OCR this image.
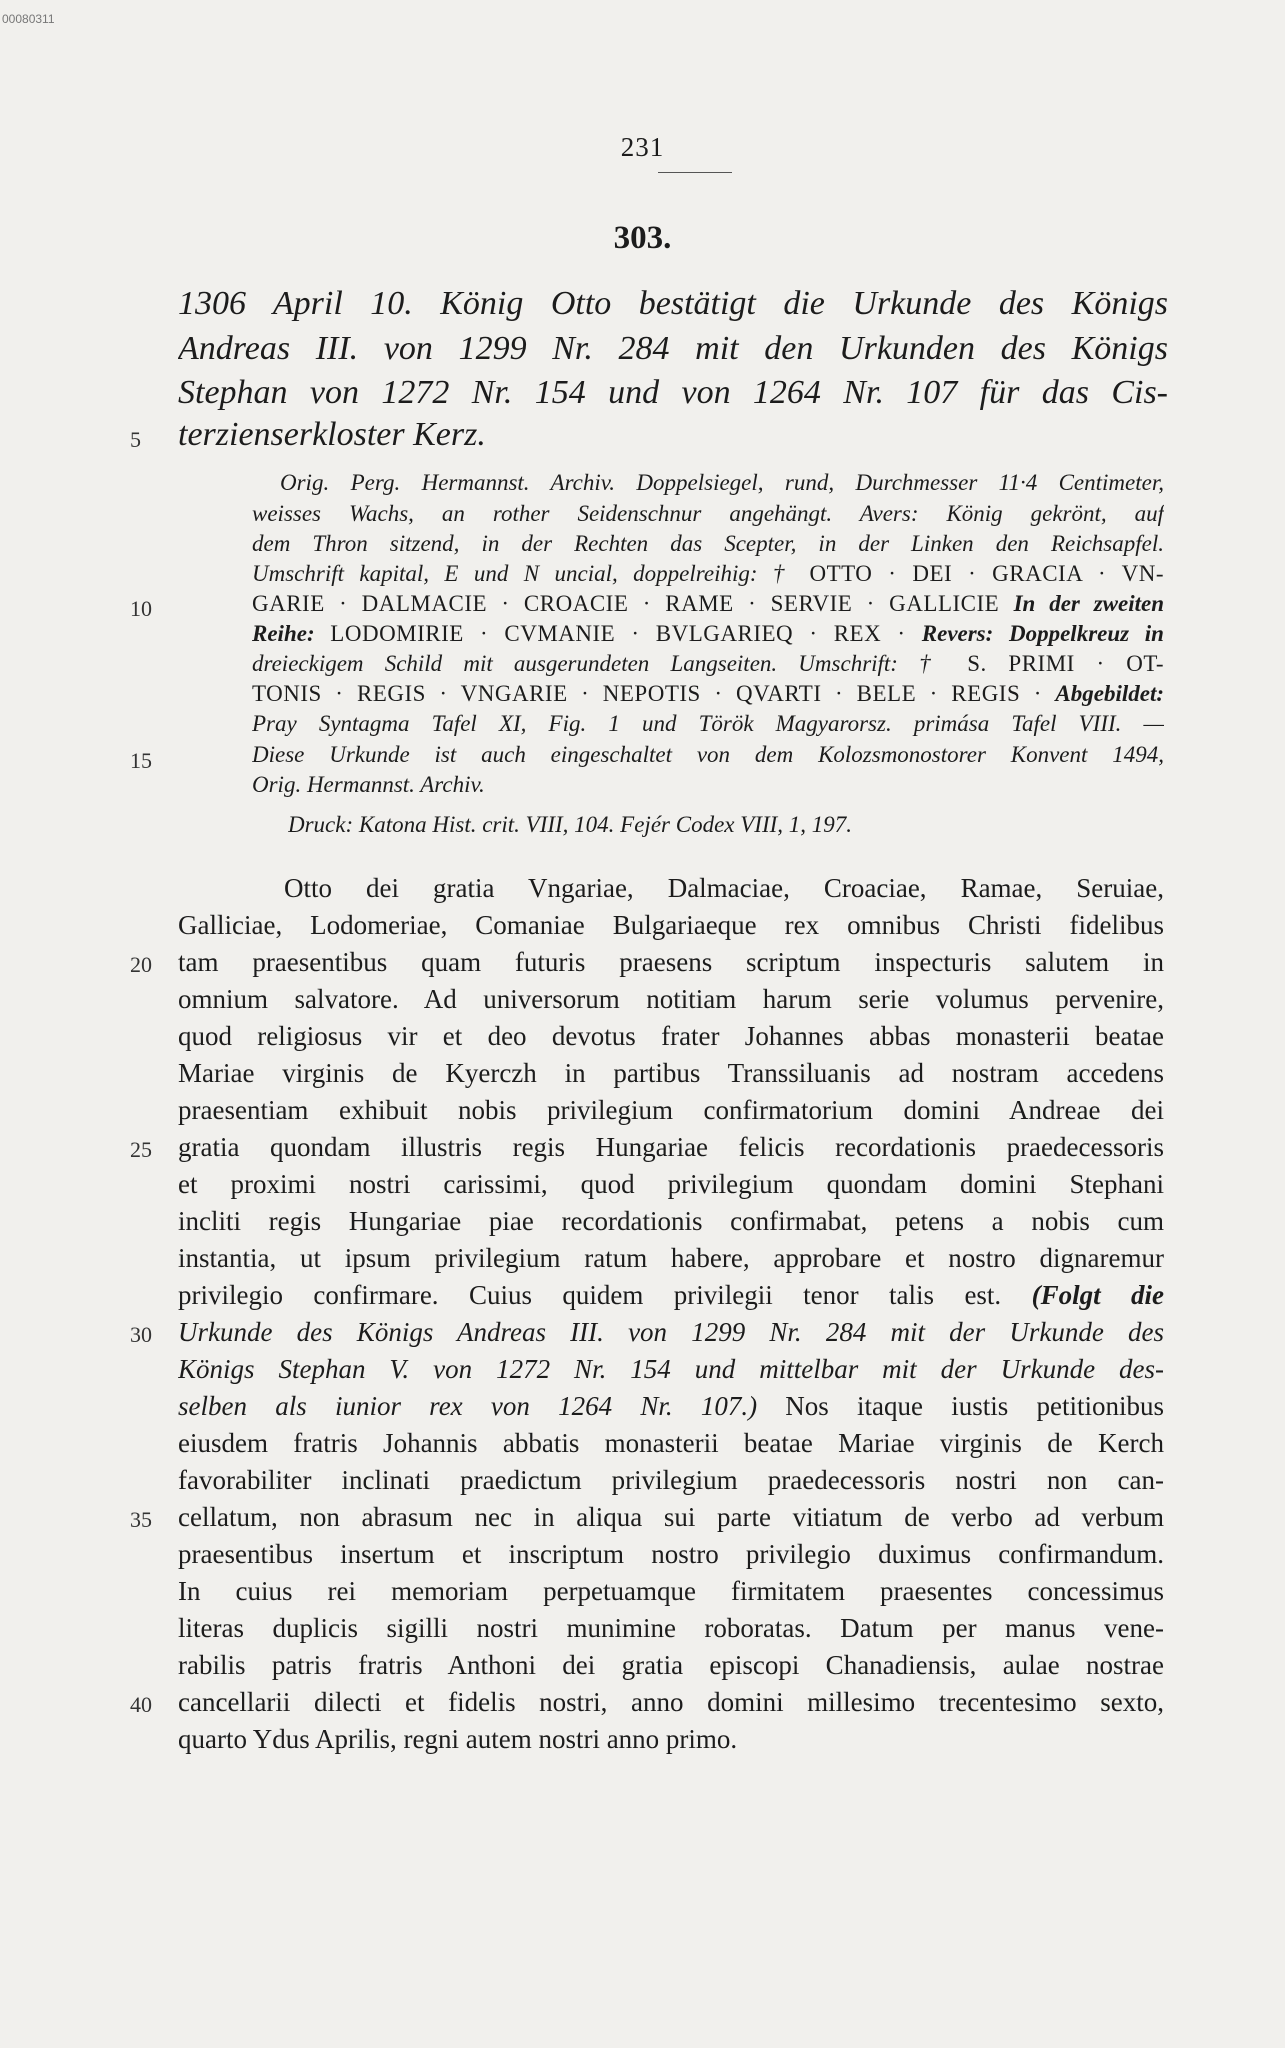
00080311
231
303.
1306 April 10. König Otto bestätigt die Urkunde des Königs
Andreas III. von 1299 Nr. 284 mit den Urkunden des Königs
Stephan von 1272 Nr. 154 und von 1264 Nr. 107 für das Cis-
terzienserkloster Kerz.
Orig. Perg. Hermannst. Archiv. Doppelsiegel, rund, Durchmesser 11·4 Centimeter,
weisses Wachs, an rother Seidenschnur angehängt. Avers: König gekrönt, auf
dem Thron sitzend, in der Rechten das Scepter, in der Linken den Reichsapfel.
Umschrift kapital, E und N uncial, doppelreihig: † OTTO · DEI · GRACIA · VN-
GARIE · DALMACIE · CROACIE · RAME · SERVIE · GALLICIE In der zweiten
Reihe: LODOMIRIE · CVMANIE · BVLGARIEQ · REX · Revers: Doppelkreuz in
dreieckigem Schild mit ausgerundeten Langseiten. Umschrift: † S. PRIMI · OT-
TONIS · REGIS · VNGARIE · NEPOTIS · QVARTI · BELE · REGIS · Abgebildet:
Pray Syntagma Tafel XI, Fig. 1 und Török Magyarorsz. primása Tafel VIII. —
Diese Urkunde ist auch eingeschaltet von dem Kolozsmonostorer Konvent 1494,
Orig. Hermannst. Archiv.
Druck: Katona Hist. crit. VIII, 104. Fejér Codex VIII, 1, 197.
Otto dei gratia Vngariae, Dalmaciae, Croaciae, Ramae, Seruiae,
Galliciae, Lodomeriae, Comaniae Bulgariaeque rex omnibus Christi fidelibus
tam praesentibus quam futuris praesens scriptum inspecturis salutem in
omnium salvatore. Ad universorum notitiam harum serie volumus pervenire,
quod religiosus vir et deo devotus frater Johannes abbas monasterii beatae
Mariae virginis de Kyerczh in partibus Transsiluanis ad nostram accedens
praesentiam exhibuit nobis privilegium confirmatorium domini Andreae dei
gratia quondam illustris regis Hungariae felicis recordationis praedecessoris
et proximi nostri carissimi, quod privilegium quondam domini Stephani
incliti regis Hungariae piae recordationis confirmabat, petens a nobis cum
instantia, ut ipsum privilegium ratum habere, approbare et nostro dignaremur
privilegio confirmare. Cuius quidem privilegii tenor talis est. (Folgt die
Urkunde des Königs Andreas III. von 1299 Nr. 284 mit der Urkunde des
Königs Stephan V. von 1272 Nr. 154 und mittelbar mit der Urkunde des-
selben als iunior rex von 1264 Nr. 107.) Nos itaque iustis petitionibus
eiusdem fratris Johannis abbatis monasterii beatae Mariae virginis de Kerch
favorabiliter inclinati praedictum privilegium praedecessoris nostri non can-
cellatum, non abrasum nec in aliqua sui parte vitiatum de verbo ad verbum
praesentibus insertum et inscriptum nostro privilegio duximus confirmandum.
In cuius rei memoriam perpetuamque firmitatem praesentes concessimus
literas duplicis sigilli nostri munimine roboratas. Datum per manus vene-
rabilis patris fratris Anthoni dei gratia episcopi Chanadiensis, aulae nostrae
cancellarii dilecti et fidelis nostri, anno domini millesimo trecentesimo sexto,
quarto Ydus Aprilis, regni autem nostri anno primo.
5
10
15
20
25
30
35
40
